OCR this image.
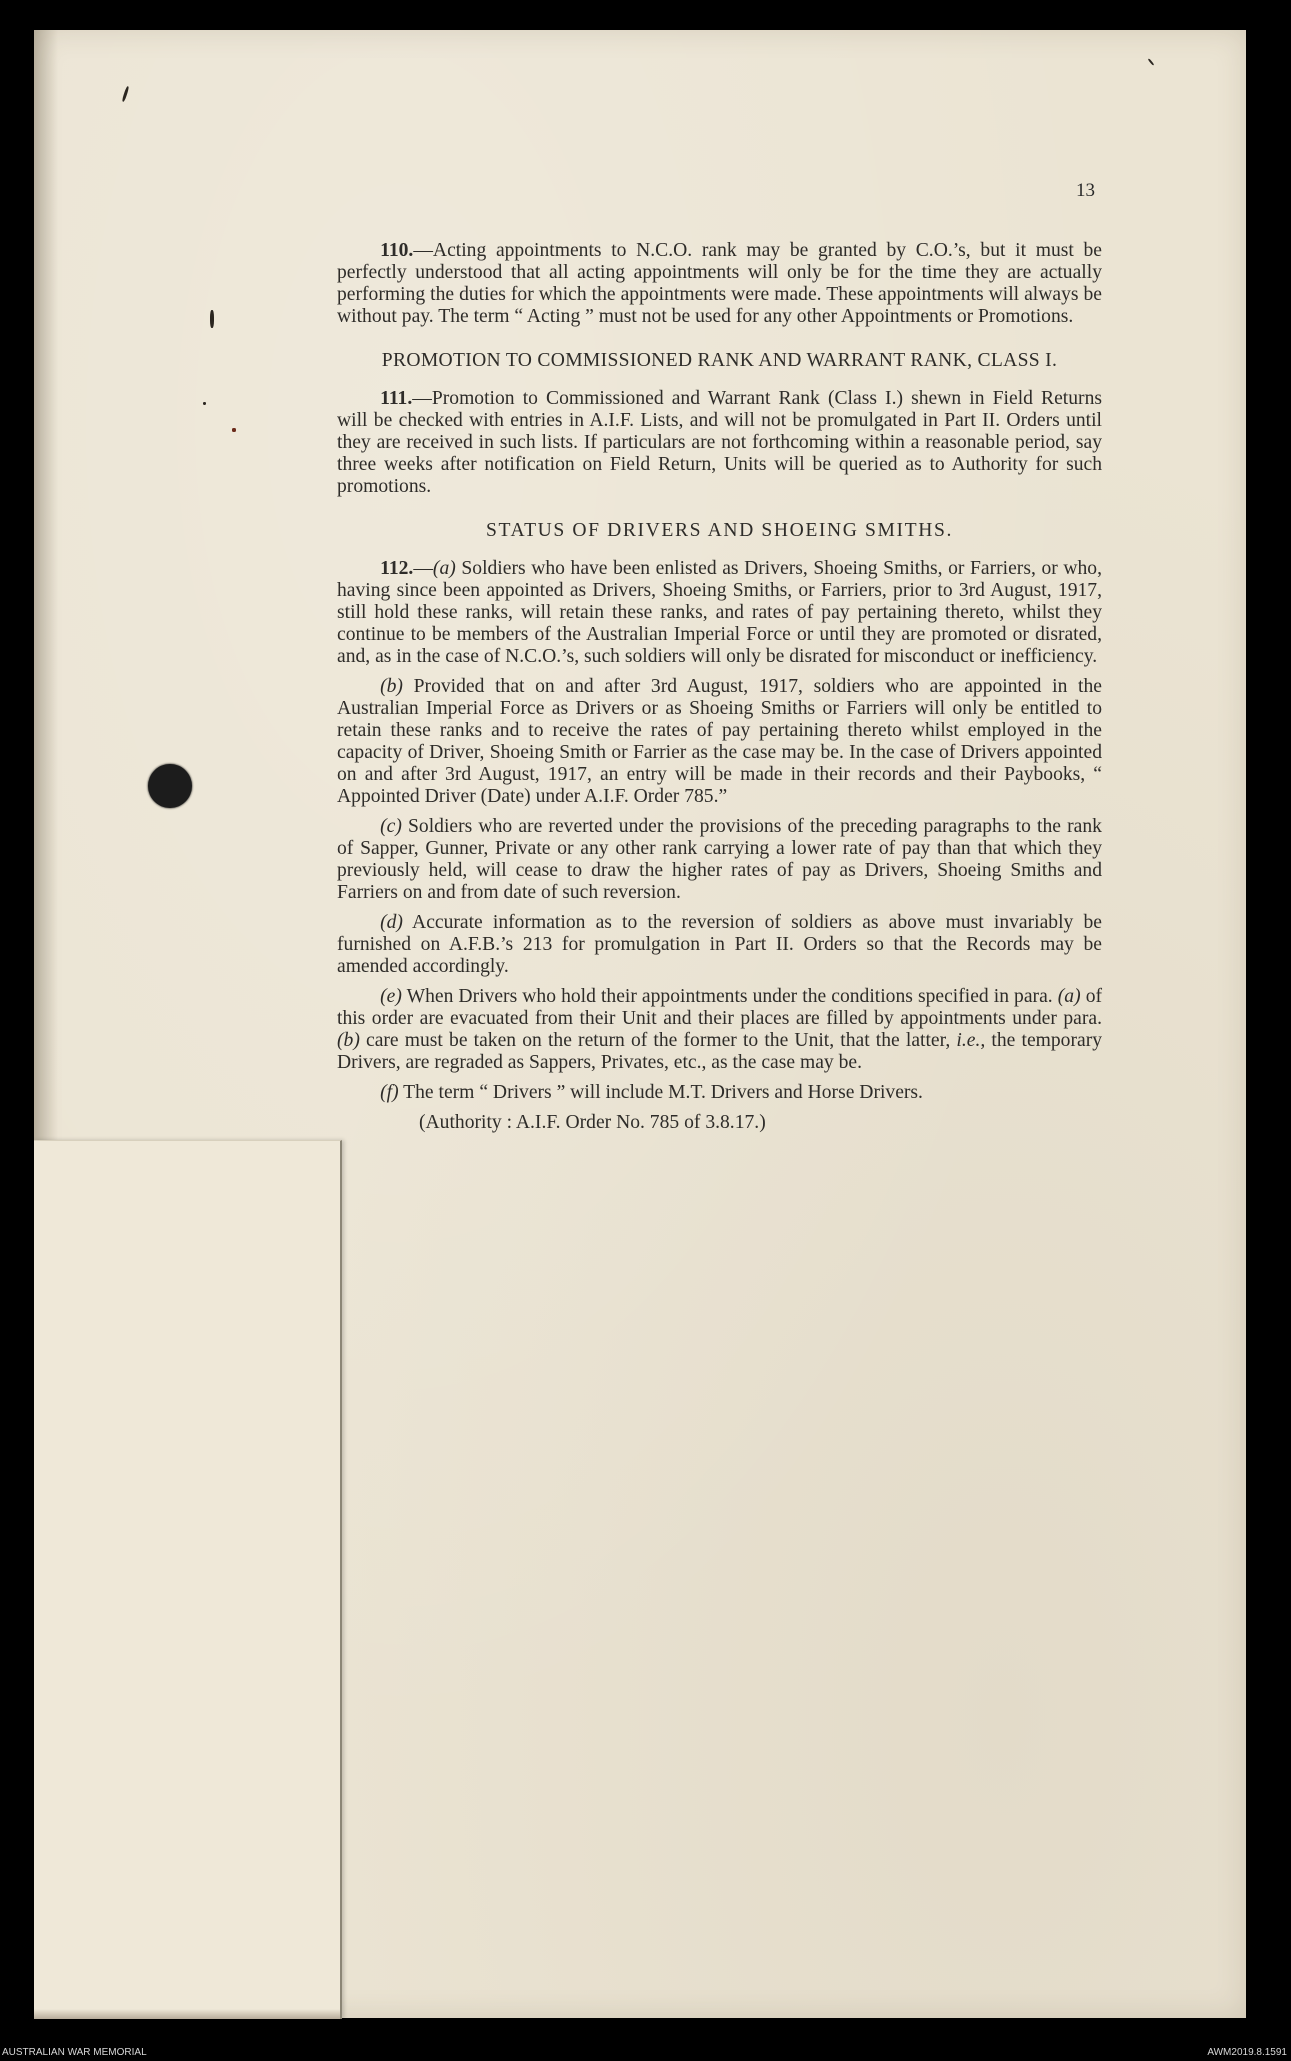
13

110.—Acting appointments to N.C.O. rank may be granted by C.O.’s, but it must be perfectly understood that all acting appointments will only be for the time they are actually performing the duties for which the appointments were made. These appointments will always be without pay. The term “ Acting ” must not be used for any other Appointments or Promotions.

PROMOTION TO COMMISSIONED RANK AND WARRANT RANK, CLASS I.

111.—Promotion to Commissioned and Warrant Rank (Class I.) shewn in Field Returns will be checked with entries in A.I.F. Lists, and will not be promulgated in Part II. Orders until they are received in such lists. If particulars are not forthcoming within a reasonable period, say three weeks after notification on Field Return, Units will be queried as to Authority for such promotions.

STATUS OF DRIVERS AND SHOEING SMITHS.

112.—(a) Soldiers who have been enlisted as Drivers, Shoeing Smiths, or Farriers, or who, having since been appointed as Drivers, Shoeing Smiths, or Farriers, prior to 3rd August, 1917, still hold these ranks, will retain these ranks, and rates of pay pertaining thereto, whilst they continue to be members of the Australian Imperial Force or until they are promoted or disrated, and, as in the case of N.C.O.’s, such soldiers will only be disrated for misconduct or inefficiency.

(b) Provided that on and after 3rd August, 1917, soldiers who are appointed in the Australian Imperial Force as Drivers or as Shoeing Smiths or Farriers will only be entitled to retain these ranks and to receive the rates of pay pertaining thereto whilst employed in the capacity of Driver, Shoeing Smith or Farrier as the case may be. In the case of Drivers appointed on and after 3rd August, 1917, an entry will be made in their records and their Paybooks, “ Appointed Driver (Date) under A.I.F. Order 785.”

(c) Soldiers who are reverted under the provisions of the preceding paragraphs to the rank of Sapper, Gunner, Private or any other rank carrying a lower rate of pay than that which they previously held, will cease to draw the higher rates of pay as Drivers, Shoeing Smiths and Farriers on and from date of such reversion.

(d) Accurate information as to the reversion of soldiers as above must invariably be furnished on A.F.B.’s 213 for promulgation in Part II. Orders so that the Records may be amended accordingly.

(e) When Drivers who hold their appointments under the conditions specified in para. (a) of this order are evacuated from their Unit and their places are filled by appointments under para. (b) care must be taken on the return of the former to the Unit, that the latter, i.e., the temporary Drivers, are regraded as Sappers, Privates, etc., as the case may be.

(f) The term “ Drivers ” will include M.T. Drivers and Horse Drivers.

(Authority : A.I.F. Order No. 785 of 3.8.17.)
AUSTRALIAN WAR MEMORIAL	AWM2019.8.1591
